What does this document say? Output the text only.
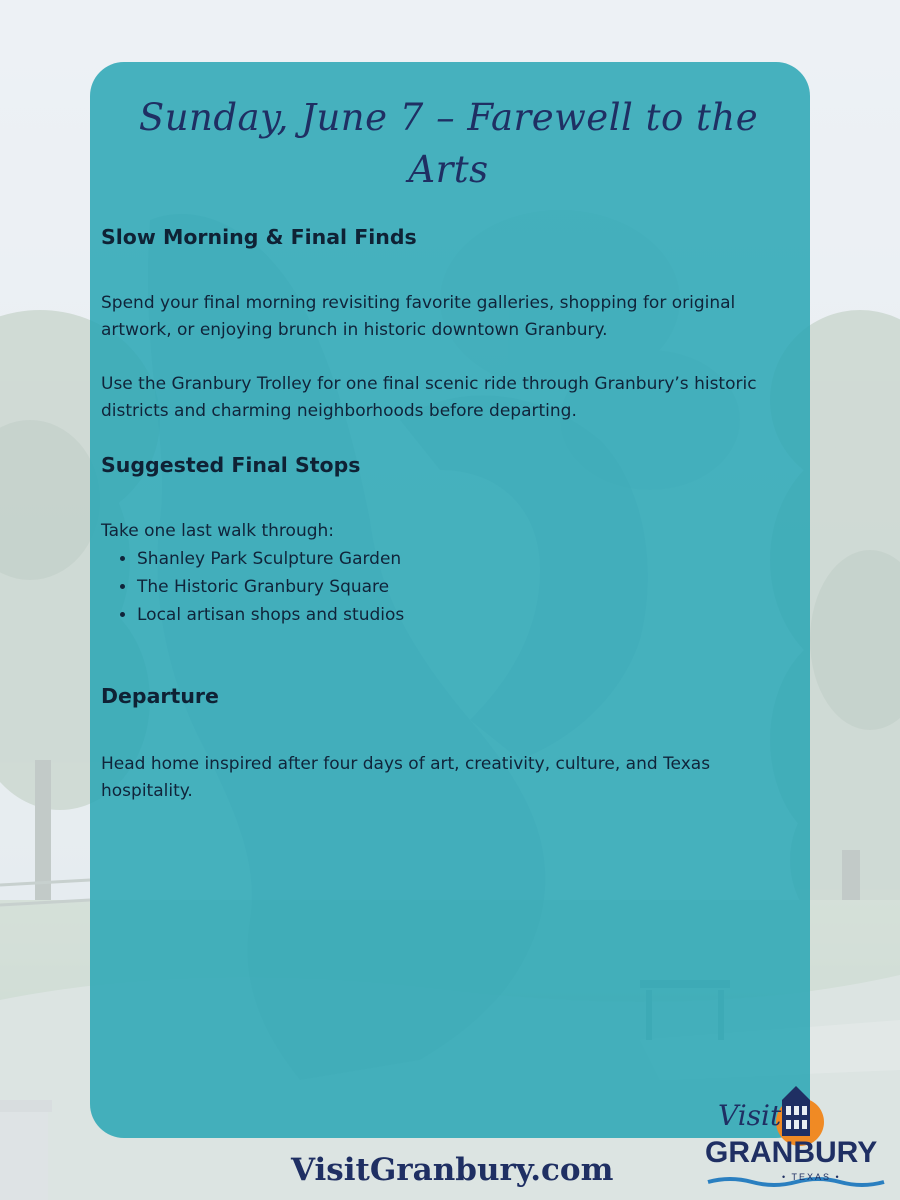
Sunday, June 7 – Farewell to the Arts
Slow Morning & Final Finds

Spend your final morning revisiting favorite galleries, shopping for original artwork, or enjoying brunch in historic downtown Granbury.

Use the Granbury Trolley for one final scenic ride through Granbury’s historic districts and charming neighborhoods before departing.

Suggested Final Stops

Take one last walk through:

• Shanley Park Sculpture Garden
• The Historic Granbury Square
• Local artisan shops and studios
Departure

Head home inspired after four days of art, creativity, culture, and Texas hospitality.

VisitGranbury.com
Visit
GRANBURY
• TEXAS •
